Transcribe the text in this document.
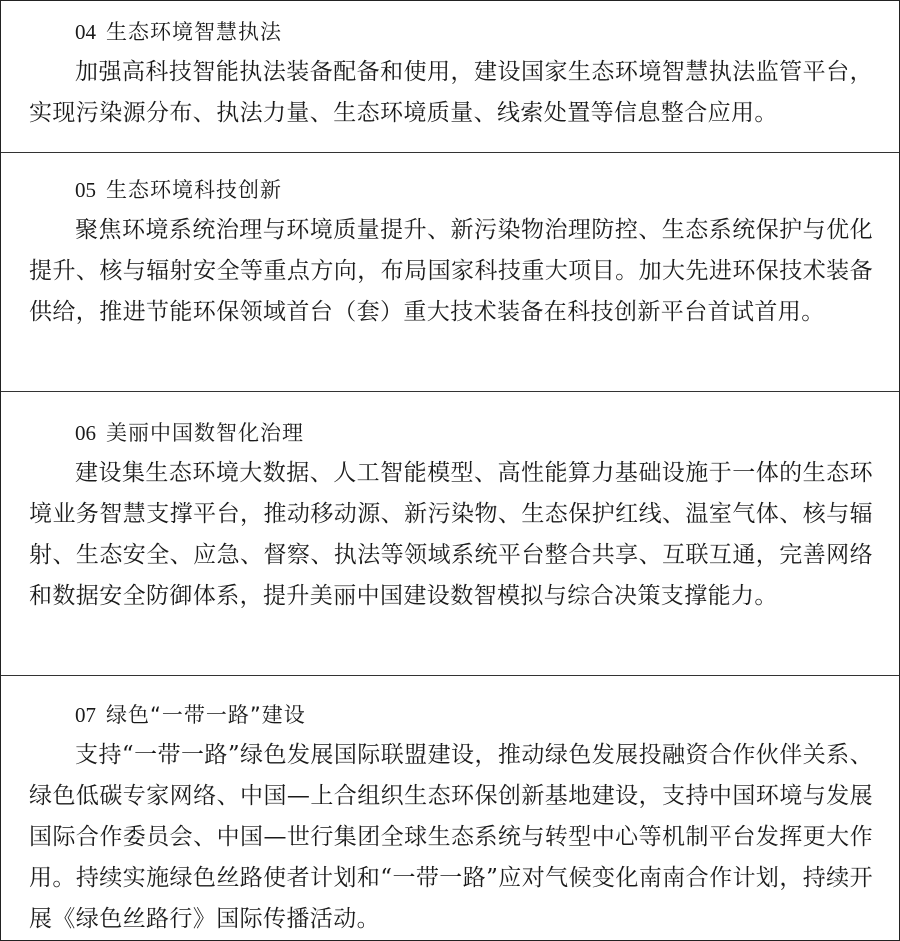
04 生态环境智慧执法

加强高科技智能执法装备配备和使用，建设国家生态环境智慧执法监管平台，实现污染源分布、执法力量、生态环境质量、线索处置等信息整合应用。

05 生态环境科技创新

聚焦环境系统治理与环境质量提升、新污染物治理防控、生态系统保护与优化提升、核与辐射安全等重点方向，布局国家科技重大项目。加大先进环保技术装备供给，推进节能环保领域首台（套）重大技术装备在科技创新平台首试首用。

06 美丽中国数智化治理

建设集生态环境大数据、人工智能模型、高性能算力基础设施于一体的生态环境业务智慧支撑平台，推动移动源、新污染物、生态保护红线、温室气体、核与辐射、生态安全、应急、督察、执法等领域系统平台整合共享、互联互通，完善网络和数据安全防御体系，提升美丽中国建设数智模拟与综合决策支撑能力。

07 绿色“一带一路”建设

支持“一带一路”绿色发展国际联盟建设，推动绿色发展投融资合作伙伴关系、绿色低碳专家网络、中国—上合组织生态环保创新基地建设，支持中国环境与发展国际合作委员会、中国—世行集团全球生态系统与转型中心等机制平台发挥更大作用。持续实施绿色丝路使者计划和“一带一路”应对气候变化南南合作计划，持续开展《绿色丝路行》国际传播活动。
